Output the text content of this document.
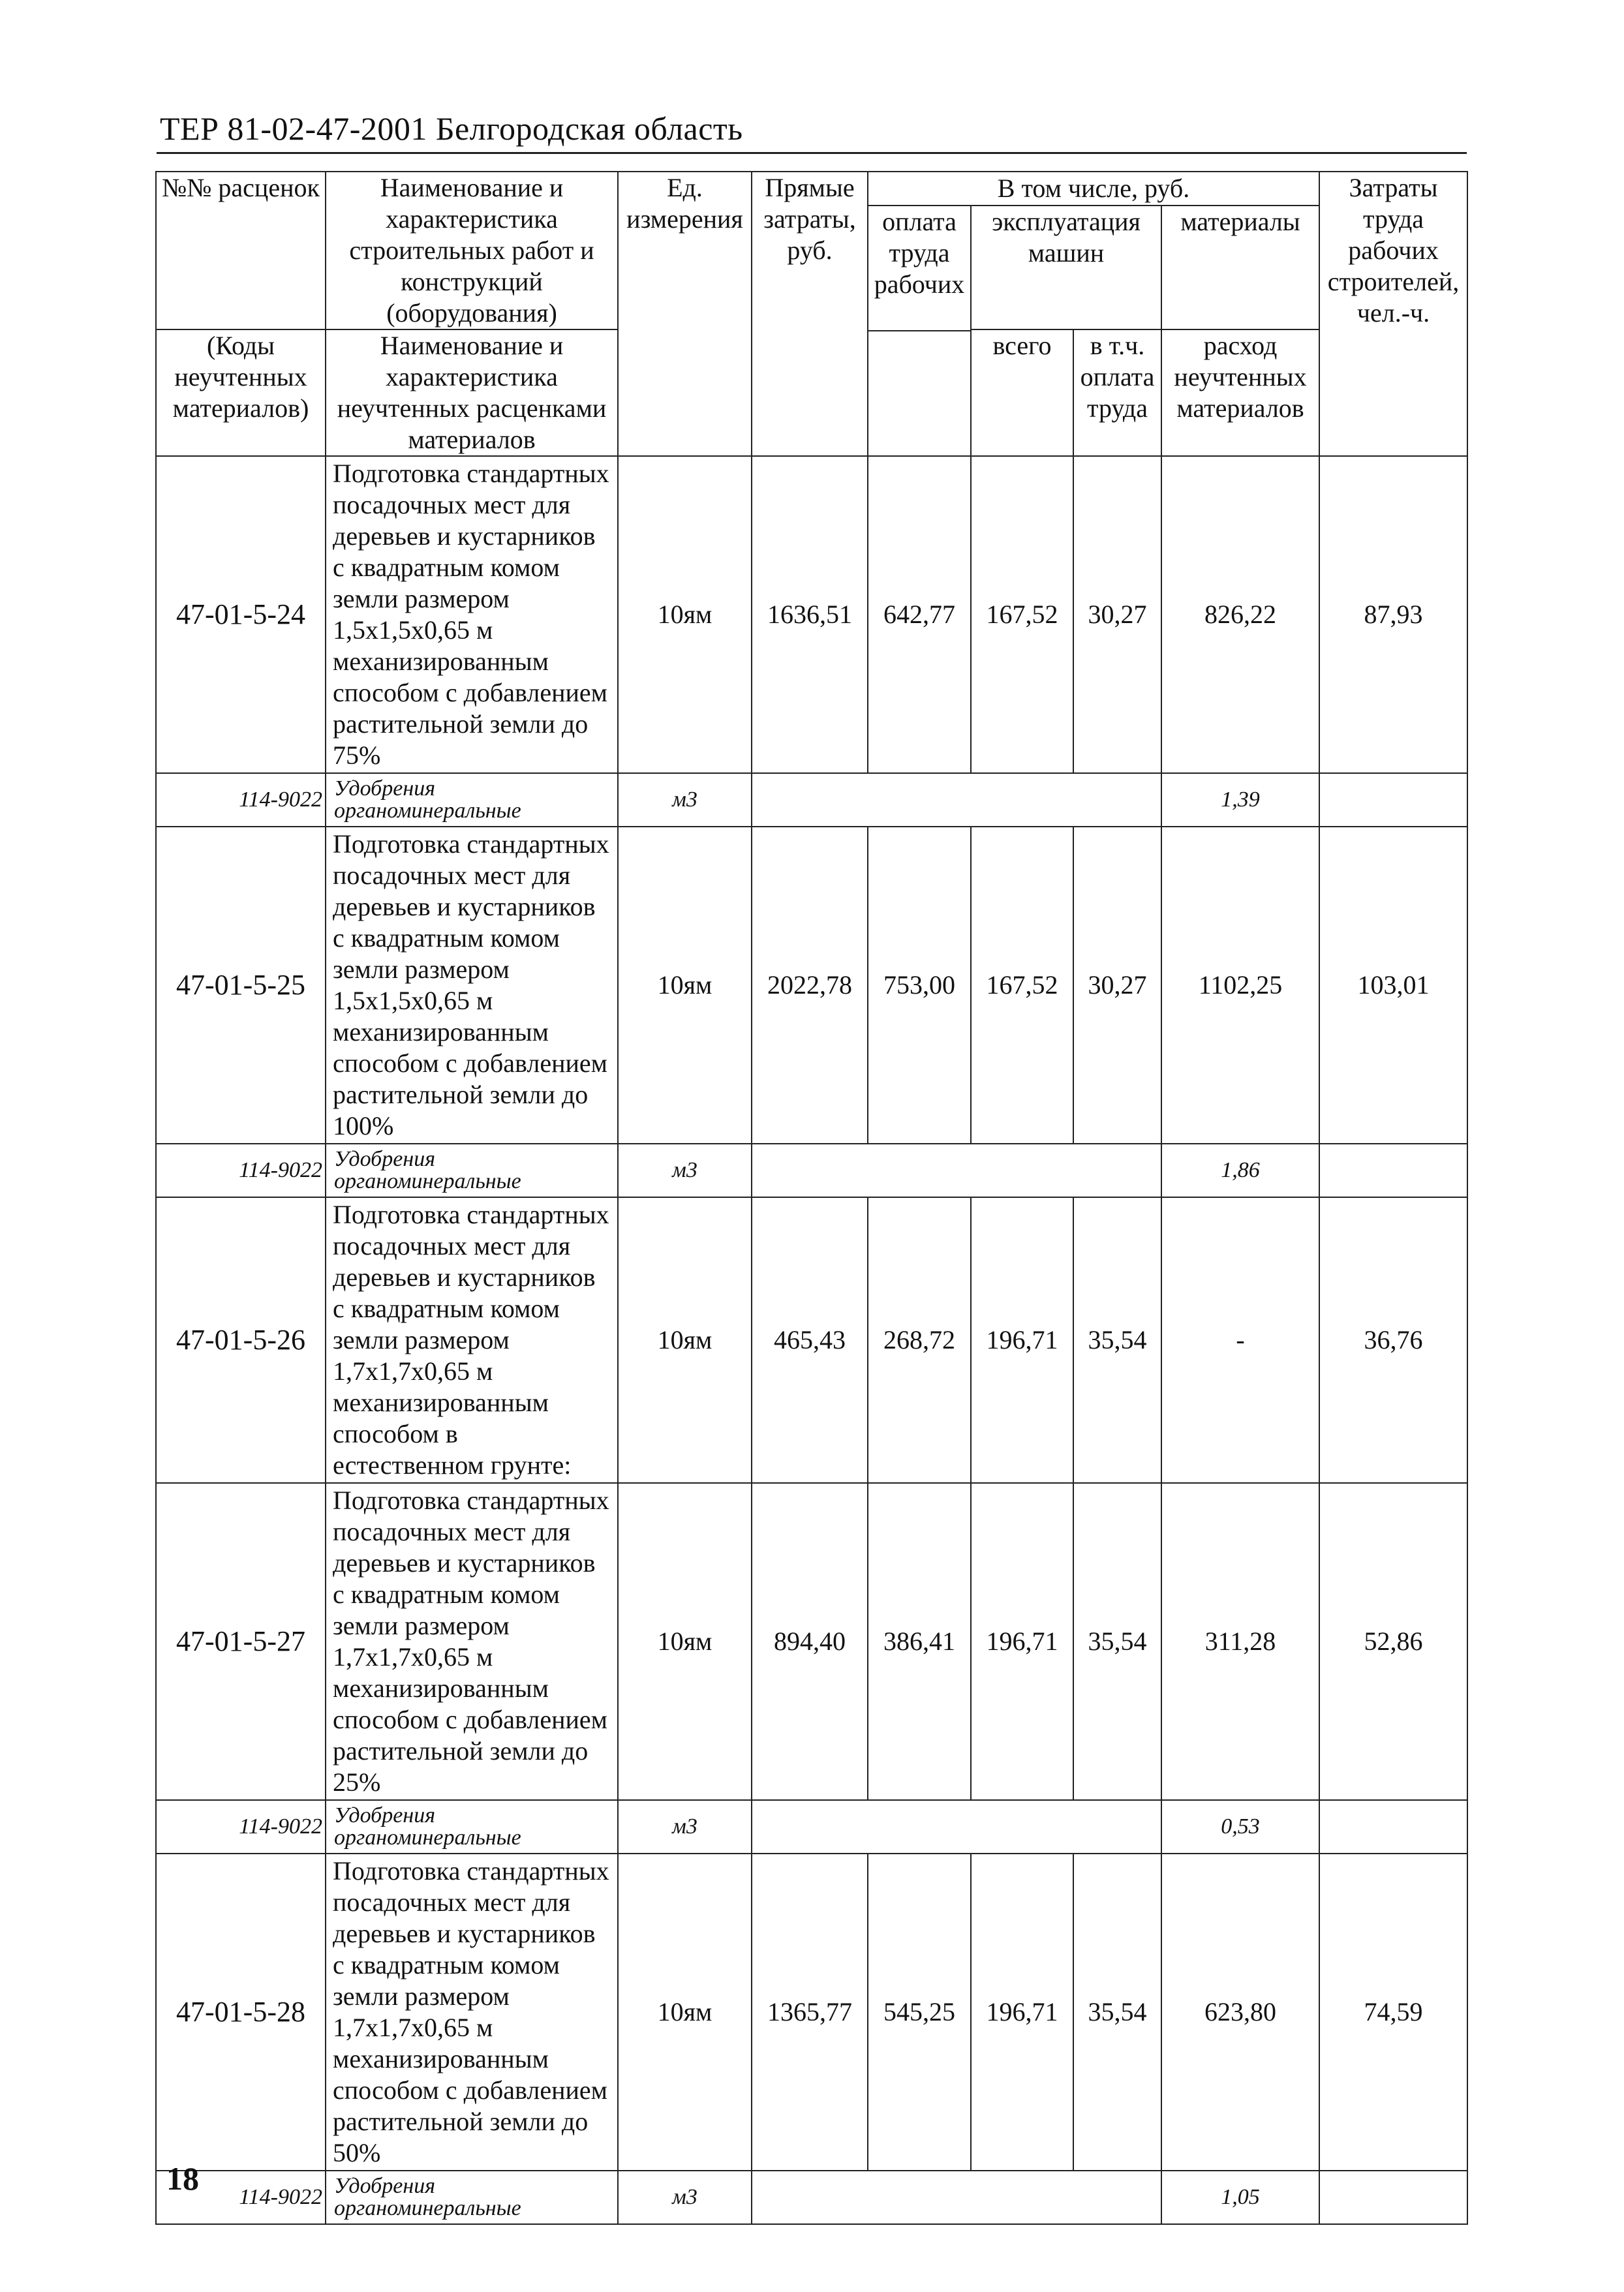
ТЕР 81-02-47-2001 Белгородская область
№№ расценок	Наименование и характеристика строительных работ и конструкций (оборудования)	Ед. измерения	Прямые затраты, руб.	В том числе, руб.				Затраты труда рабочих строителей, чел.-ч.
				оплата труда рабочих	эксплуатация машин		материалы	

(Коды неучтенных материалов)	Наименование и характеристика неучтенных расценками материалов				всего	в т.ч. оплата труда	расход неучтенных материалов	

47-01-5-24	Подготовка стандартных посадочных мест для деревьев и кустарников с квадратным комом земли размером 1,5х1,5х0,65 м механизированным способом с добавлением растительной земли до 75%	10ям	1636,51	642,77	167,52	30,27	826,22	87,93
114-9022	Удобрения органоминеральные	м3					1,39	
47-01-5-25	Подготовка стандартных посадочных мест для деревьев и кустарников с квадратным комом земли размером 1,5х1,5х0,65 м механизированным способом с добавлением растительной земли до 100%	10ям	2022,78	753,00	167,52	30,27	1102,25	103,01
114-9022	Удобрения органоминеральные	м3					1,86	
47-01-5-26	Подготовка стандартных посадочных мест для деревьев и кустарников с квадратным комом земли размером 1,7х1,7х0,65 м механизированным способом в естественном грунте:	10ям	465,43	268,72	196,71	35,54	-	36,76
47-01-5-27	Подготовка стандартных посадочных мест для деревьев и кустарников с квадратным комом земли размером 1,7х1,7х0,65 м механизированным способом с добавлением растительной земли до 25%	10ям	894,40	386,41	196,71	35,54	311,28	52,86
114-9022	Удобрения органоминеральные	м3					0,53	
47-01-5-28	Подготовка стандартных посадочных мест для деревьев и кустарников с квадратным комом земли размером 1,7х1,7х0,65 м механизированным способом с добавлением растительной земли до 50%	10ям	1365,77	545,25	196,71	35,54	623,80	74,59
114-9022	Удобрения органоминеральные	м3					1,05	
18
